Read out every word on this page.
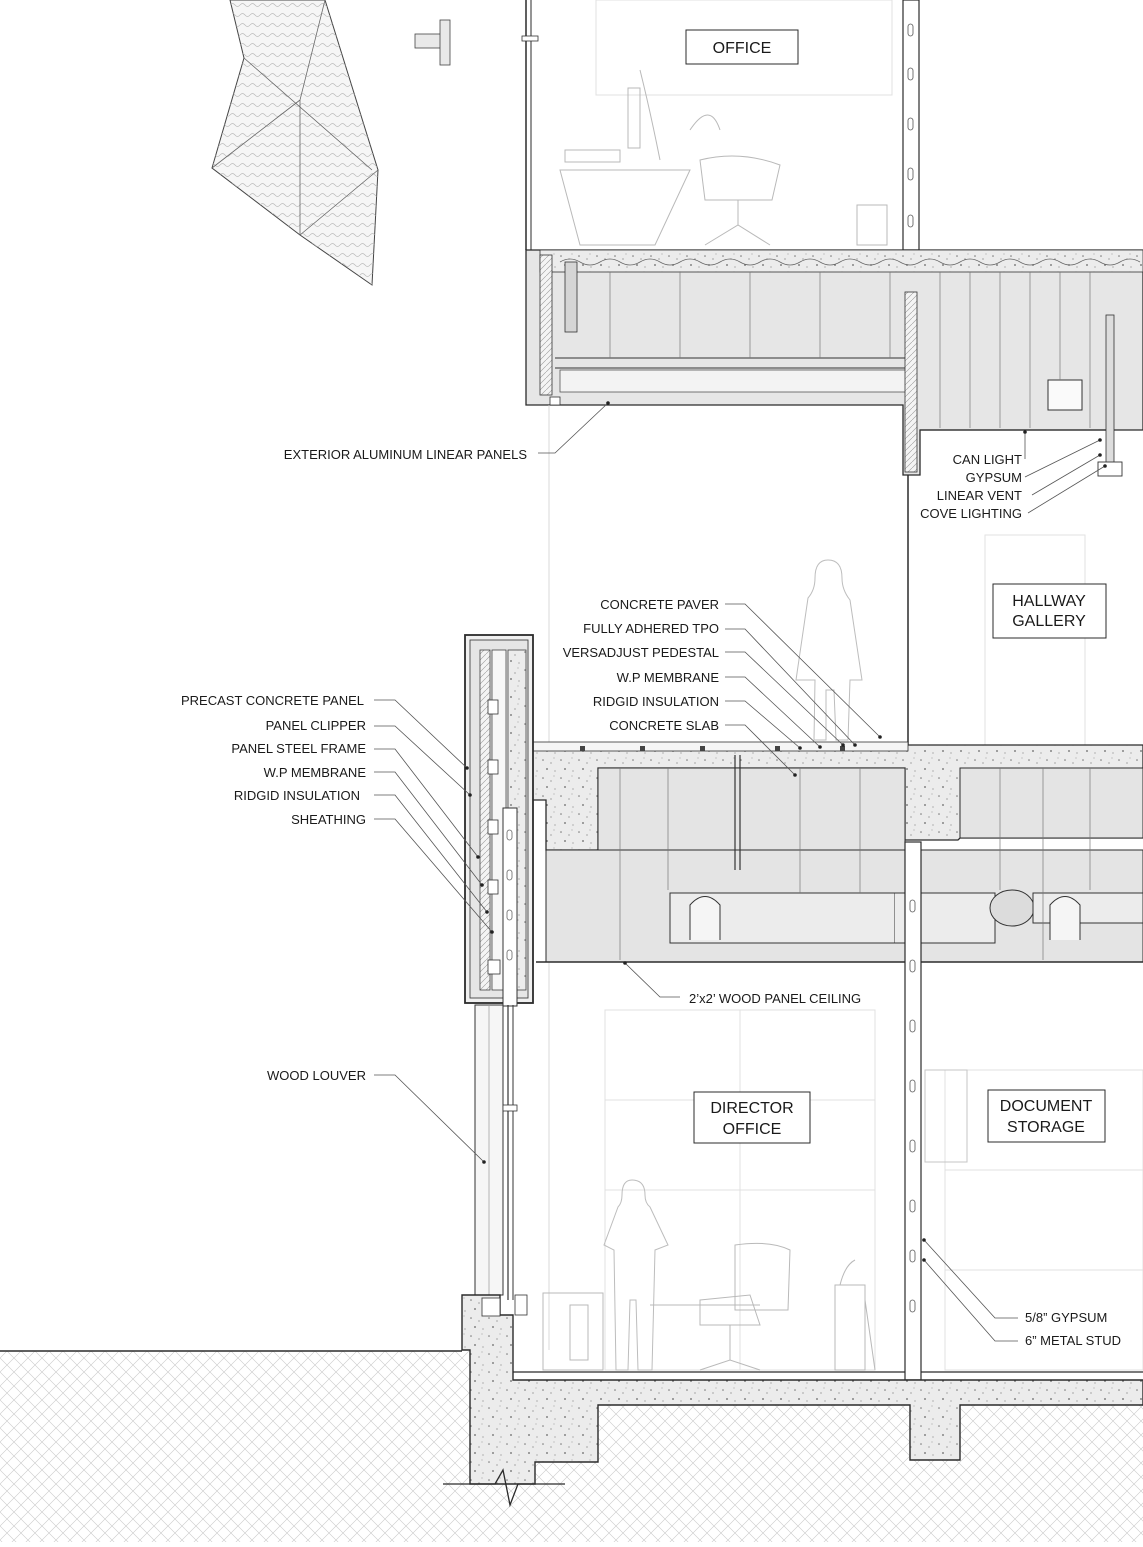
OFFICE
HALLWAY
GALLERY
DIRECTOR
OFFICE
DOCUMENT
STORAGE
EXTERIOR ALUMINUM LINEAR PANELS	CAN LIGHT
GYPSUM
LINEAR VENT
COVE LIGHTING
CONCRETE PAVER
FULLY ADHERED TPO
VERSADJUST PEDESTAL
W.P MEMBRANE
RIDGID INSULATION
CONCRETE SLAB
PRECAST CONCRETE PANEL
PANEL CLIPPER
PANEL STEEL FRAME
W.P MEMBRANE
RIDGID INSULATION
SHEATHING
2’x2’ WOOD PANEL CEILING
WOOD LOUVER
5/8” GYPSUM
6” METAL STUD
